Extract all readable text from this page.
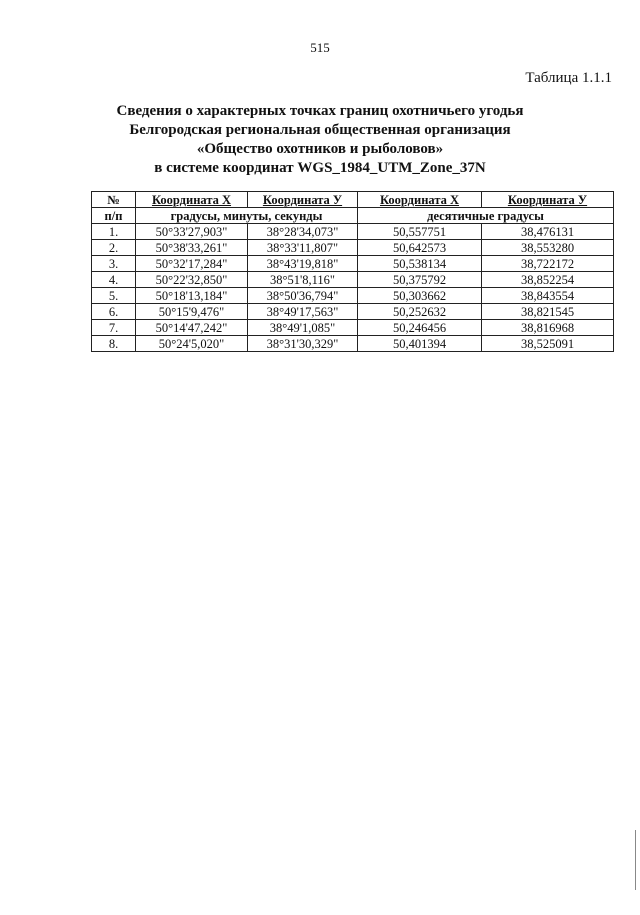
515
Таблица 1.1.1
Сведения о характерных точках границ охотничьего угодья
Белгородская региональная общественная организация
«Общество охотников и рыболовов»
в системе координат WGS_1984_UTM_Zone_37N
№	Координата Х	Координата У	Координата Х	Координата У
п/п	градусы, минуты, секунды		десятичные градусы	
1.	50°33'27,903"	38°28'34,073"	50,557751	38,476131
2.	50°38'33,261"	38°33'11,807"	50,642573	38,553280
3.	50°32'17,284"	38°43'19,818"	50,538134	38,722172
4.	50°22'32,850"	38°51'8,116"	50,375792	38,852254
5.	50°18'13,184"	38°50'36,794"	50,303662	38,843554
6.	50°15'9,476"	38°49'17,563"	50,252632	38,821545
7.	50°14'47,242"	38°49'1,085"	50,246456	38,816968
8.	50°24'5,020"	38°31'30,329"	50,401394	38,525091
